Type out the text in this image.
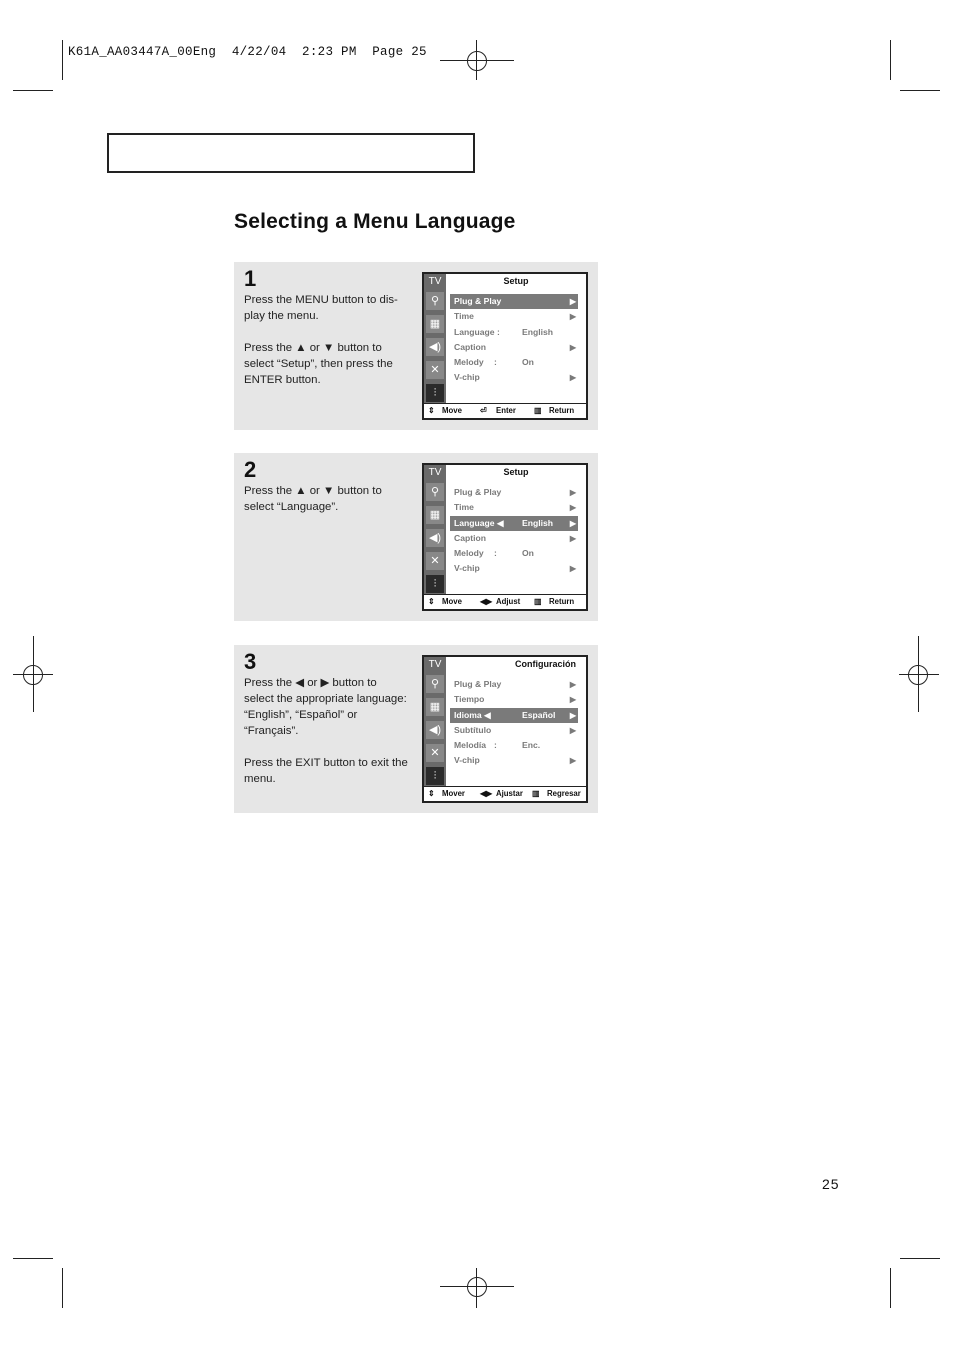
K61A_AA03447A_00Eng  4/22/04  2:23 PM  Page 25
Selecting a Menu Language
1

Press the MENU button to dis-play the menu.

Press the ▲ or ▼ button to select “Setup”, then press the ENTER button.

TV
⚲
▦
◀)
✕
⫶
Setup
Plug & Play	▶
Time	▶
Language :	English
Caption	▶
Melody :	On
V-chip	▶
⇕ Move ⏎ Enter ▥ Return
2

Press the ▲ or ▼ button to select “Language”.

TV
⚲
▦
◀)
✕
⫶
Setup
Plug & Play	▶
Time	▶
Language ◀ English ▶
Caption	▶
Melody :	On
V-chip	▶
⇕ Move ◀▶ Adjust ▥ Return
3

Press the ◀ or ▶ button to select the appropriate language: “English”, “Español” or “Français”.

Press the EXIT button to exit the menu.

TV
⚲
▦
◀)
✕
⫶
Configuración
Plug & Play	▶
Tiempo	▶
Idioma ◀	Español ▶
Subtítulo	▶
Melodía :	Enc.
V-chip	▶
⇕ Mover ◀▶ Ajustar ▥ Regresar
25
